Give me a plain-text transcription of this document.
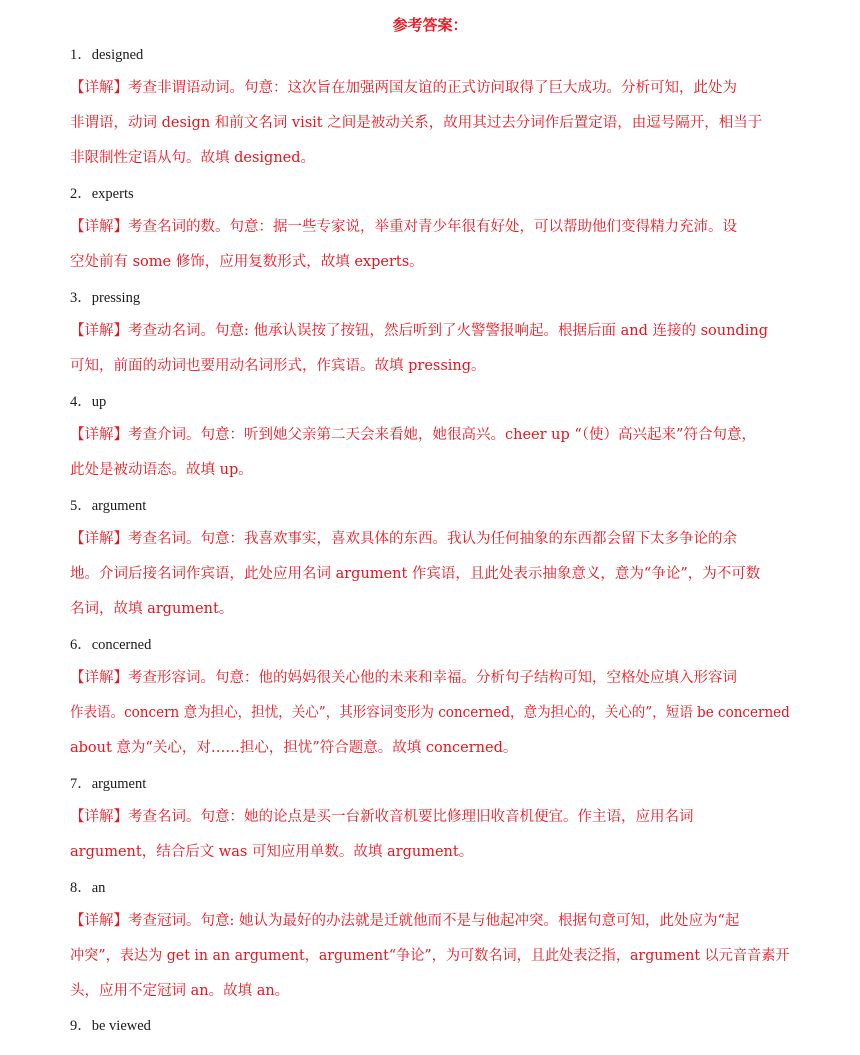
参考答案：
1．designed
【详解】考查非谓语动词。句意：这次旨在加强两国友谊的正式访问取得了巨大成功。分析可知，此处为
非谓语，动词 design 和前文名词 visit 之间是被动关系，故用其过去分词作后置定语，由逗号隔开，相当于
非限制性定语从句。故填 designed。
2．experts
【详解】考查名词的数。句意：据一些专家说，举重对青少年很有好处，可以帮助他们变得精力充沛。设
空处前有 some 修饰，应用复数形式，故填 experts。
3．pressing
【详解】考查动名词。句意: 他承认误按了按钮，然后听到了火警警报响起。根据后面 and 连接的 sounding
可知，前面的动词也要用动名词形式，作宾语。故填 pressing。
4．up
【详解】考查介词。句意：听到她父亲第二天会来看她，她很高兴。cheer up “（使）高兴起来”符合句意，
此处是被动语态。故填 up。
5．argument
【详解】考查名词。句意：我喜欢事实，喜欢具体的东西。我认为任何抽象的东西都会留下太多争论的余
地。介词后接名词作宾语，此处应用名词 argument 作宾语，且此处表示抽象意义，意为“争论”，为不可数
名词，故填 argument。
6．concerned
【详解】考查形容词。句意：他的妈妈很关心他的未来和幸福。分析句子结构可知，空格处应填入形容词
作表语。concern 意为担心，担忧，关心”，其形容词变形为 concerned，意为担心的，关心的”，短语 be concerned
about 意为“关心，对……担心，担忧”符合题意。故填 concerned。
7．argument
【详解】考查名词。句意：她的论点是买一台新收音机要比修理旧收音机便宜。作主语，应用名词
argument，结合后文 was 可知应用单数。故填 argument。
8．an
【详解】考查冠词。句意: 她认为最好的办法就是迁就他而不是与他起冲突。根据句意可知，此处应为“起
冲突”，表达为 get in an argument，argument“争论”，为可数名词，且此处表泛指，argument 以元音音素开
头，应用不定冠词 an。故填 an。
9．be viewed
